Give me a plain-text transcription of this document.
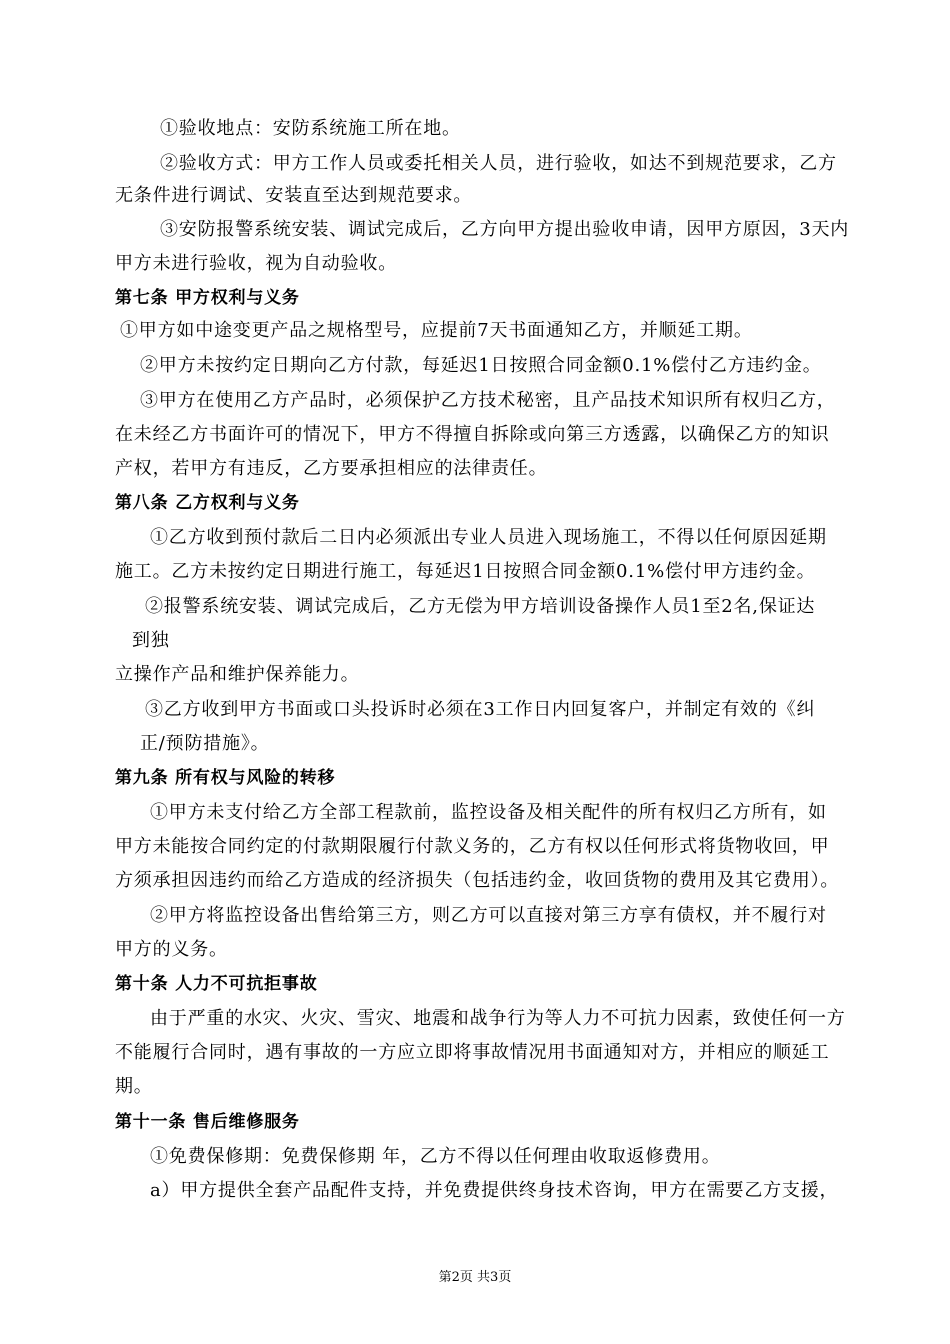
①验收地点：安防系统施工所在地。
②验收方式：甲方工作人员或委托相关人员，进行验收，如达不到规范要求，乙方
无条件进行调试、安装直至达到规范要求。
③安防报警系统安装、调试完成后，乙方向甲方提出验收申请，因甲方原因，3天内
甲方未进行验收，视为自动验收。
第七条 甲方权利与义务
①甲方如中途变更产品之规格型号，应提前7天书面通知乙方，并顺延工期。
②甲方未按约定日期向乙方付款，每延迟1日按照合同金额0.1%偿付乙方违约金。
③甲方在使用乙方产品时，必须保护乙方技术秘密，且产品技术知识所有权归乙方，
在未经乙方书面许可的情况下，甲方不得擅自拆除或向第三方透露，以确保乙方的知识
产权，若甲方有违反，乙方要承担相应的法律责任。
第八条 乙方权利与义务
①乙方收到预付款后二日内必须派出专业人员进入现场施工，不得以任何原因延期
施工。乙方未按约定日期进行施工，每延迟1日按照合同金额0.1%偿付甲方违约金。
②报警系统安装、调试完成后，乙方无偿为甲方培训设备操作人员1至2名,保证达
到独
立操作产品和维护保养能力。
③乙方收到甲方书面或口头投诉时必须在3工作日内回复客户，并制定有效的《纠
正/预防措施》。
第九条 所有权与风险的转移
①甲方未支付给乙方全部工程款前，监控设备及相关配件的所有权归乙方所有，如
甲方未能按合同约定的付款期限履行付款义务的，乙方有权以任何形式将货物收回，甲
方须承担因违约而给乙方造成的经济损失（包括违约金，收回货物的费用及其它费用）。
②甲方将监控设备出售给第三方，则乙方可以直接对第三方享有债权，并不履行对
甲方的义务。
第十条 人力不可抗拒事故
由于严重的水灾、火灾、雪灾、地震和战争行为等人力不可抗力因素，致使任何一方
不能履行合同时，遇有事故的一方应立即将事故情况用书面通知对方，并相应的顺延工
期。
第十一条 售后维修服务
①免费保修期：免费保修期 年，乙方不得以任何理由收取返修费用。
a）甲方提供全套产品配件支持，并免费提供终身技术咨询，甲方在需要乙方支援，
第2页 共3页
